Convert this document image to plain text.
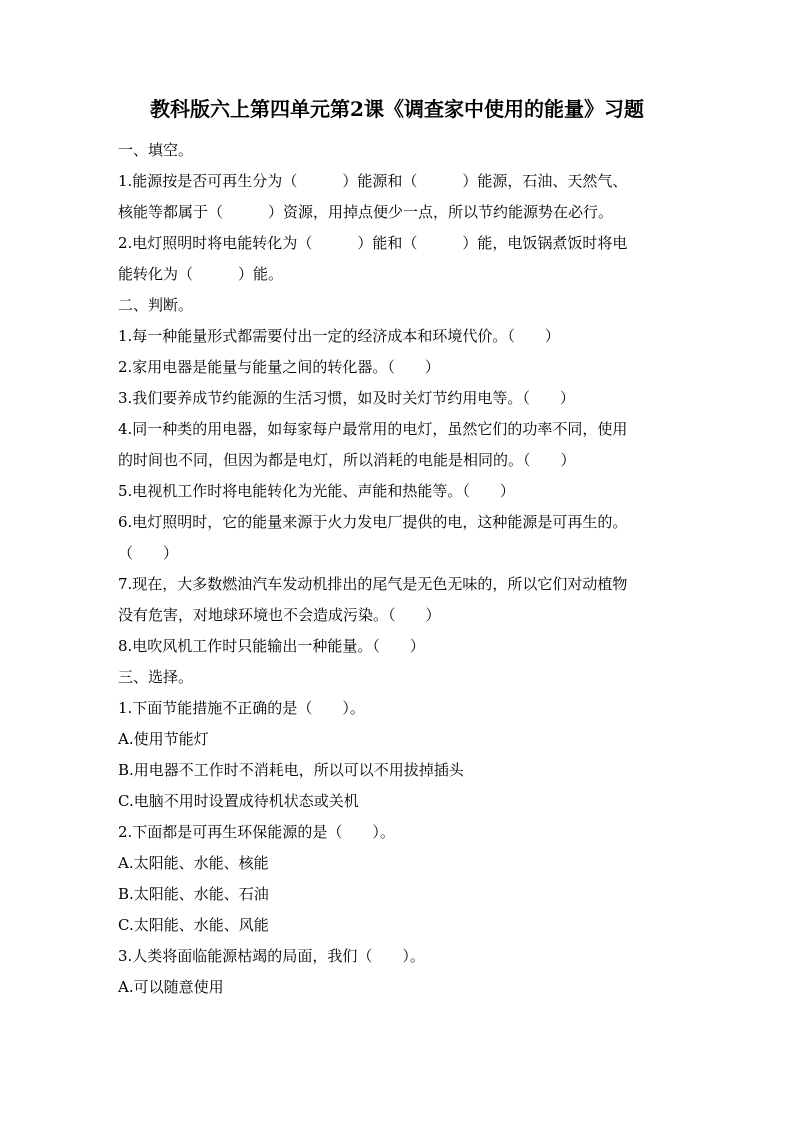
教科版六上第四单元第2课《调查家中使用的能量》习题
一、填空。
1.能源按是否可再生分为（　　　）能源和（　　　）能源，石油、天然气、
核能等都属于（　　　）资源，用掉点便少一点，所以节约能源势在必行。
2.电灯照明时将电能转化为（　　　）能和（　　　）能，电饭锅煮饭时将电
能转化为（　　　）能。
二、判断。
1.每一种能量形式都需要付出一定的经济成本和环境代价。（　　）
2.家用电器是能量与能量之间的转化器。（　　）
3.我们要养成节约能源的生活习惯，如及时关灯节约用电等。（　　）
4.同一种类的用电器，如每家每户最常用的电灯，虽然它们的功率不同，使用
的时间也不同，但因为都是电灯，所以消耗的电能是相同的。（　　）
5.电视机工作时将电能转化为光能、声能和热能等。（　　）
6.电灯照明时，它的能量来源于火力发电厂提供的电，这种能源是可再生的。
（　　）
7.现在，大多数燃油汽车发动机排出的尾气是无色无味的，所以它们对动植物
没有危害，对地球环境也不会造成污染。（　　）
8.电吹风机工作时只能输出一种能量。（　　）
三、选择。
1.下面节能措施不正确的是（　　）。
A.使用节能灯
B.用电器不工作时不消耗电，所以可以不用拔掉插头
C.电脑不用时设置成待机状态或关机
2.下面都是可再生环保能源的是（　　）。
A.太阳能、水能、核能
B.太阳能、水能、石油
C.太阳能、水能、风能
3.人类将面临能源枯竭的局面，我们（　　）。
A.可以随意使用
